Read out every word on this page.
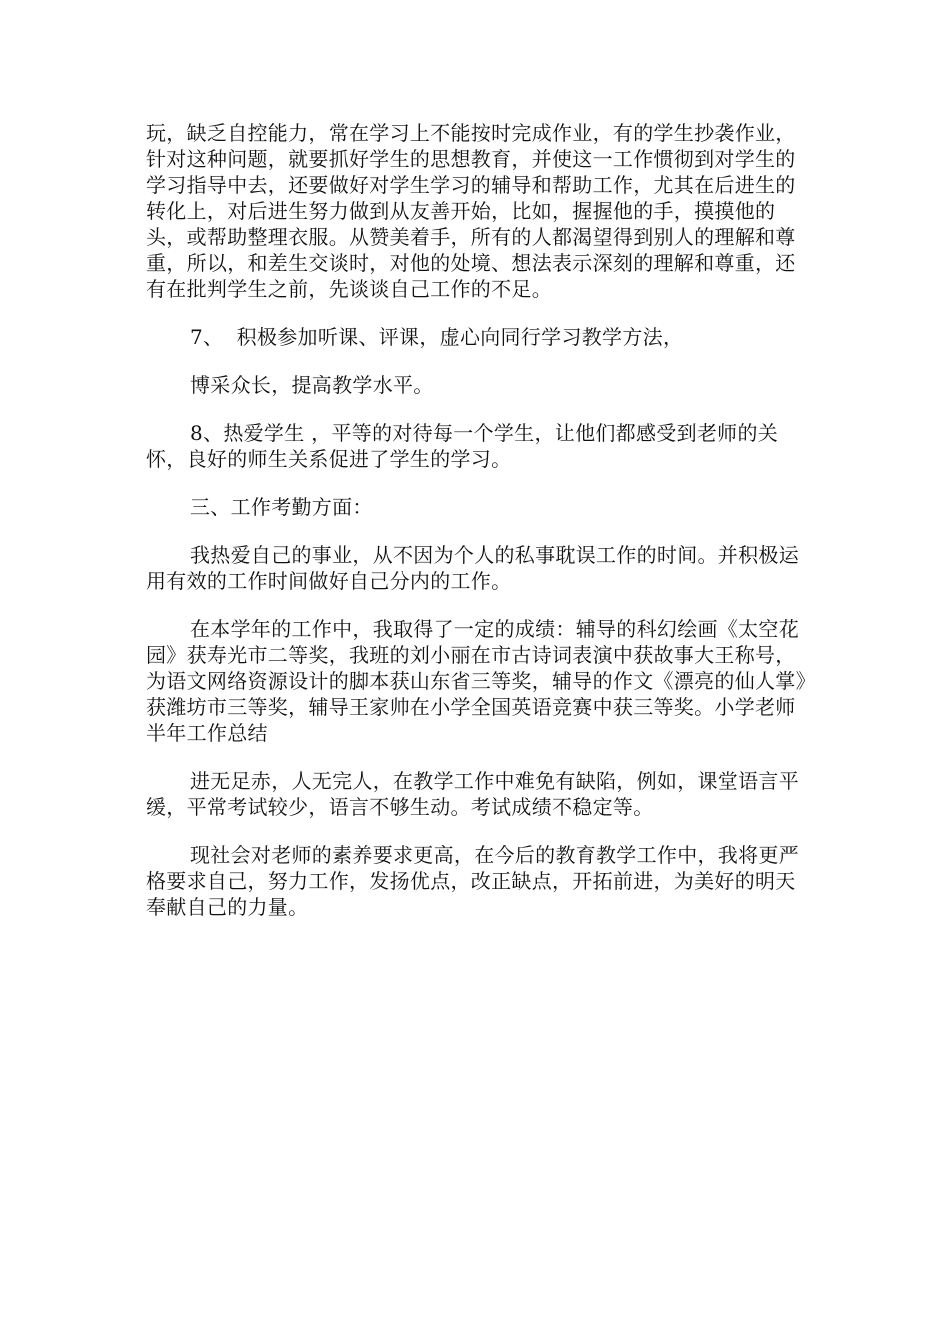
玩，缺乏自控能力，常在学习上不能按时完成作业，有的学生抄袭作业，针对这种问题，就要抓好学生的思想教育，并使这一工作惯彻到对学生的学习指导中去，还要做好对学生学习的辅导和帮助工作，尤其在后进生的转化上，对后进生努力做到从友善开始，比如，握握他的手，摸摸他的头，或帮助整理衣服。从赞美着手，所有的人都渴望得到别人的理解和尊重，所以，和差生交谈时，对他的处境、想法表示深刻的理解和尊重，还有在批判学生之前，先谈谈自己工作的不足。

7、  积极参加听课、评课，虚心向同行学习教学方法，

博采众长，提高教学水平。

8、热爱学生 ，平等的对待每一个学生，让他们都感受到老师的关怀，良好的师生关系促进了学生的学习。

三、工作考勤方面：

我热爱自己的事业，从不因为个人的私事耽误工作的时间。并积极运用有效的工作时间做好自己分内的工作。

在本学年的工作中，我取得了一定的成绩：辅导的科幻绘画《太空花园》获寿光市二等奖，我班的刘小丽在市古诗词表演中获故事大王称号，为语文网络资源设计的脚本获山东省三等奖，辅导的作文《漂亮的仙人掌》获潍坊市三等奖，辅导王家帅在小学全国英语竞赛中获三等奖。小学老师半年工作总结

进无足赤，人无完人，在教学工作中难免有缺陷，例如，课堂语言平缓，平常考试较少，语言不够生动。考试成绩不稳定等。

现社会对老师的素养要求更高，在今后的教育教学工作中，我将更严格要求自己，努力工作，发扬优点，改正缺点，开拓前进，为美好的明天奉献自己的力量。
